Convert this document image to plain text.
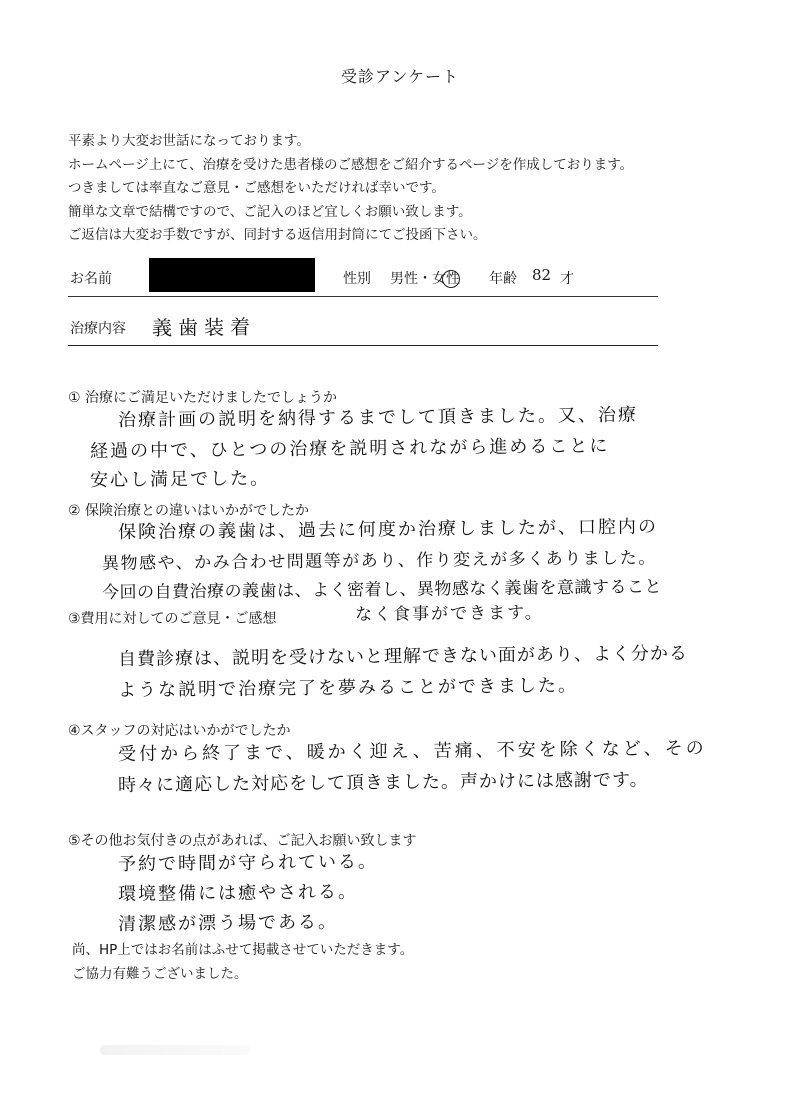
受診アンケート
平素より大変お世話になっております。
ホームページ上にて、治療を受けた患者様のご感想をご紹介するページを作成しております。
つきましては率直なご意見・ご感想をいただければ幸いです。
簡単な文章で結構ですので、ご記入のほど宜しくお願い致します。
ご返信は大変お手数ですが、同封する返信用封筒にてご投函下さい。
お名前	性別 男性・女性 年齢 82 才
治療内容 義歯装着
① 治療にご満足いただけましたでしょうか
治療計画の説明を納得するまでして頂きました。又、治療
経過の中で、ひとつの治療を説明されながら進めることに
安心し満足でした。
② 保険治療との違いはいかがでしたか
保険治療の義歯は、過去に何度か治療しましたが、口腔内の
異物感や、かみ合わせ問題等があり、作り変えが多くありました。
今回の自費治療の義歯は、よく密着し、異物感なく義歯を意識すること
なく食事ができます。
③費用に対してのご意見・ご感想
自費診療は、説明を受けないと理解できない面があり、よく分かる
ような説明で治療完了を夢みることができました。
④スタッフの対応はいかがでしたか
受付から終了まで、暖かく迎え、苦痛、不安を除くなど、その
時々に適応した対応をして頂きました。声かけには感謝です。
⑤その他お気付きの点があれば、ご記入お願い致します
予約で時間が守られている。
環境整備には癒やされる。
清潔感が漂う場である。
尚、HP上ではお名前はふせて掲載させていただきます。
ご協力有難うございました。
